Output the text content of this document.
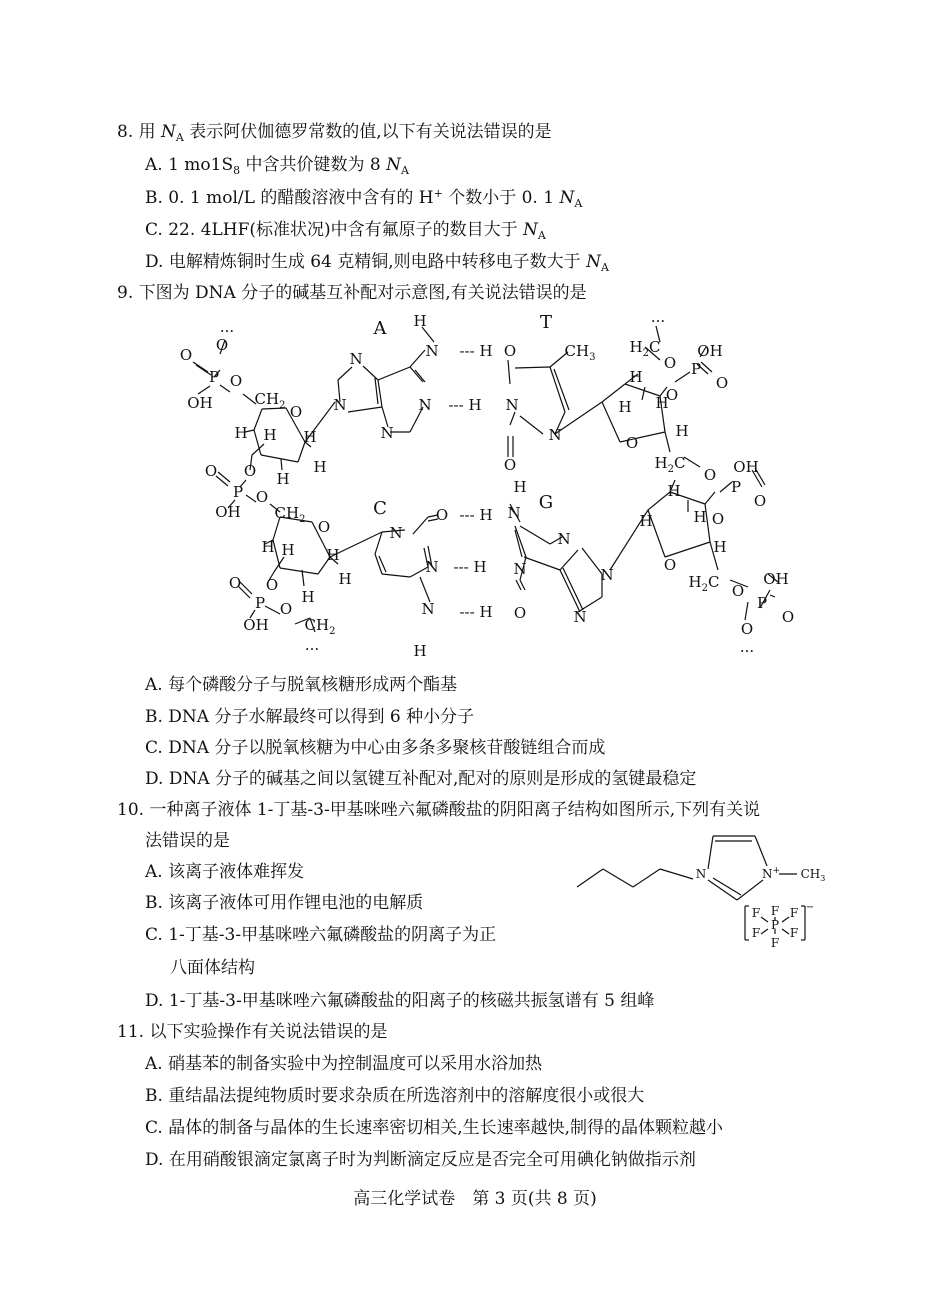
8. 用 $N_A$ 表示阿伏伽德罗常数的值,以下有关说法错误的是
A. 1 $mo1S_8$ 中含共价键数为 8 $N_A$
B. 0. 1 mol/L 的醋酸溶液中含有的 H+ 个数小于 0. 1 $N_A$
C. 22. 4LHF(标准状况)中含有氟原子的数目大于 $N_A$
D. 电解精炼铜时生成 64 克精铜,则电路中转移电子数大于 $N_A$
9. 下图为 DNA 分子的碱基互补配对示意图,有关说法错误的是
···
O
O
P O
OH	$CH_2$ O
H H H
H
O H
O
P O
OH $CH_2$ O
H H H
H
O
H
O
P O
OH $CH_2$
···
A H
N --- H
N
N	N --- H
N
T
O	$CH_3$
N
N
O
C	O --- H
H
N G
N
N --- H N
N
N
N --- H O	N
H
···
$H_2C$
O
OH
P
O
O
H
H H
H
O
$H_2C$	OH
O
P
O
H
O
H	H
H
O
$H_2C$	OH
O
P
O
O
···
A. 每个磷酸分子与脱氧核糖形成两个酯基
B. DNA 分子水解最终可以得到 6 种小分子
C. DNA 分子以脱氧核糖为中心由多条多聚核苷酸链组合而成
D. DNA 分子的碱基之间以氢键互补配对,配对的原则是形成的氢键最稳定
10. 一种离子液体 1-丁基-3-甲基咪唑六氟磷酸盐的阴阳离子结构如图所示,下列有关说
法错误的是
A. 该离子液体难挥发
B. 该离子液体可用作锂电池的电解质
C. 1-丁基-3-甲基咪唑六氟磷酸盐的阴离子为正
八面体结构
D. 1-丁基-3-甲基咪唑六氟磷酸盐的阳离子的核磁共振氢谱有 5 组峰
N	N+ $CH_3$
F
F F
P
F F
F
−
11. 以下实验操作有关说法错误的是
A. 硝基苯的制备实验中为控制温度可以采用水浴加热
B. 重结晶法提纯物质时要求杂质在所选溶剂中的溶解度很小或很大
C. 晶体的制备与晶体的生长速率密切相关,生长速率越快,制得的晶体颗粒越小
D. 在用硝酸银滴定氯离子时为判断滴定反应是否完全可用碘化钠做指示剂
高三化学试卷　第 3 页(共 8 页)
